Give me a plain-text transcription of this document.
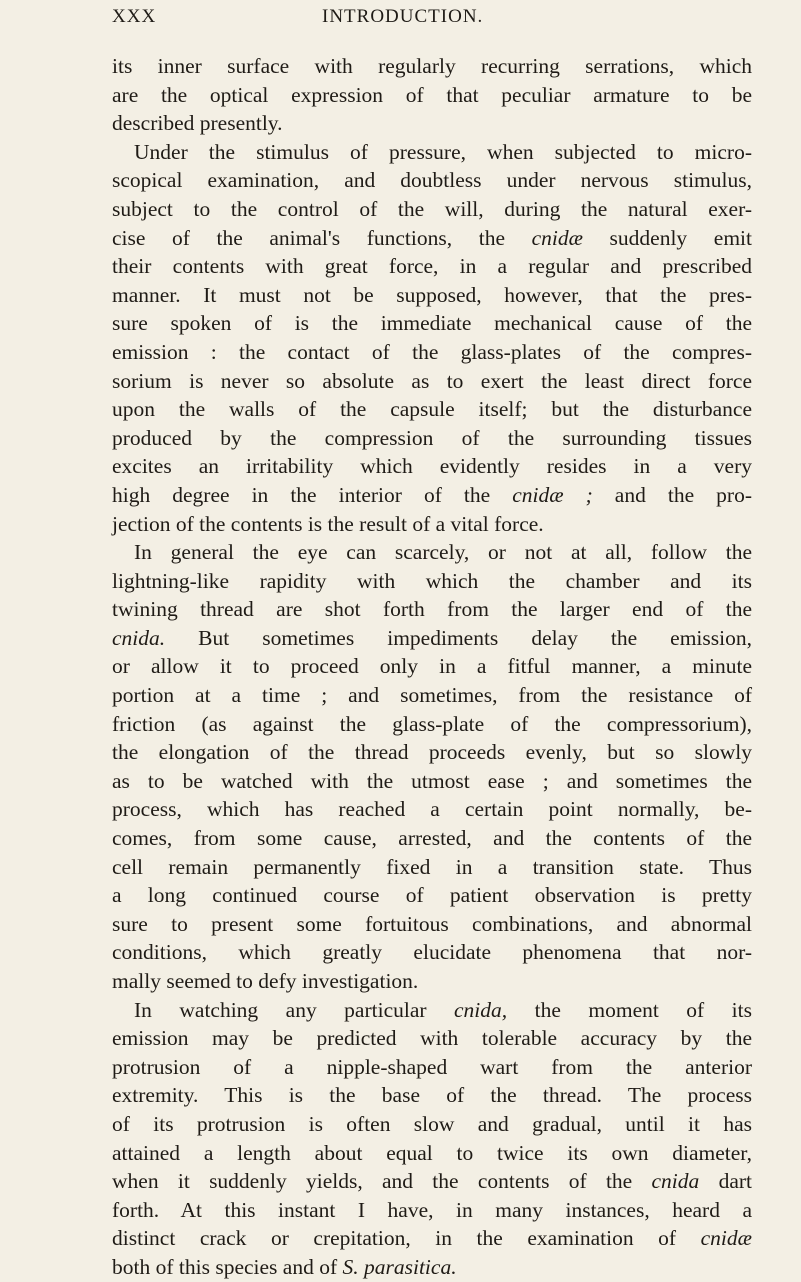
XXX	INTRODUCTION.
its inner surface with regularly recurring serrations, which
are the optical expression of that peculiar armature to be
described presently.
Under the stimulus of pressure, when subjected to micro-
scopical examination, and doubtless under nervous stimulus,
subject to the control of the will, during the natural exer-
cise of the animal's functions, the cnidæ suddenly emit
their contents with great force, in a regular and prescribed
manner. It must not be supposed, however, that the pres-
sure spoken of is the immediate mechanical cause of the
emission : the contact of the glass-plates of the compres-
sorium is never so absolute as to exert the least direct force
upon the walls of the capsule itself; but the disturbance
produced by the compression of the surrounding tissues
excites an irritability which evidently resides in a very
high degree in the interior of the cnidæ ; and the pro-
jection of the contents is the result of a vital force.
In general the eye can scarcely, or not at all, follow the
lightning-like rapidity with which the chamber and its
twining thread are shot forth from the larger end of the
cnida. But sometimes impediments delay the emission,
or allow it to proceed only in a fitful manner, a minute
portion at a time ; and sometimes, from the resistance of
friction (as against the glass-plate of the compressorium),
the elongation of the thread proceeds evenly, but so slowly
as to be watched with the utmost ease ; and sometimes the
process, which has reached a certain point normally, be-
comes, from some cause, arrested, and the contents of the
cell remain permanently fixed in a transition state. Thus
a long continued course of patient observation is pretty
sure to present some fortuitous combinations, and abnormal
conditions, which greatly elucidate phenomena that nor-
mally seemed to defy investigation.
In watching any particular cnida, the moment of its
emission may be predicted with tolerable accuracy by the
protrusion of a nipple-shaped wart from the anterior
extremity. This is the base of the thread. The process
of its protrusion is often slow and gradual, until it has
attained a length about equal to twice its own diameter,
when it suddenly yields, and the contents of the cnida dart
forth. At this instant I have, in many instances, heard a
distinct crack or crepitation, in the examination of cnidæ
both of this species and of S. parasitica.
